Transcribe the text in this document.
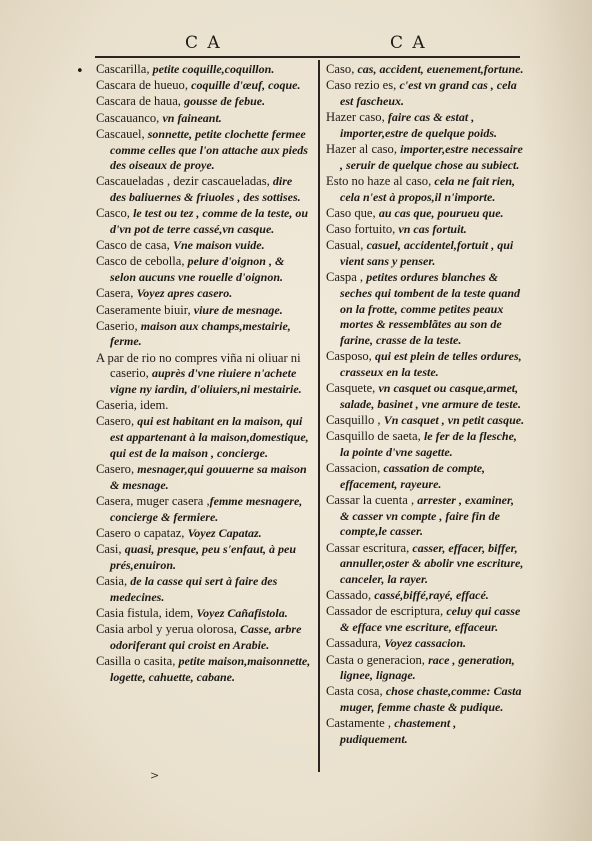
C A	C A
• Cascarilla, petite coquille,coquillon.
Cascara de hueuo, coquille d'œuf, coque.
Cascara de haua, gousse de febue.
Cascauanco, vn faineant.
Cascauel, sonnette, petite clochette fermee comme celles que l'on attache aux pieds des oiseaux de proye.
Cascaueladas , dezir cascaueladas, dire des baliuernes & friuoles , des sottises.
Casco, le test ou tez , comme de la teste, ou d'vn pot de terre cassé,vn casque.
Casco de casa, Vne maison vuide.
Casco de cebolla, pelure d'oignon , & selon aucuns vne rouelle d'oignon.
Casera, Voyez apres casero.
Caseramente biuir, viure de mesnage.
Caserio, maison aux champs,mestairie, ferme.
A par de rio no compres viña ni oliuar ni caserio, auprès d'vne riuiere n'achete vigne ny iardin, d'oliuiers,ni mestairie.
Caseria, idem.
Casero, qui est habitant en la maison, qui est appartenant à la maison,domestique, qui est de la maison , concierge.
Casero, mesnager,qui gouuerne sa maison & mesnage.
Casera, muger casera ,femme mesnagere, concierge & fermiere.
Casero o capataz, Voyez Capataz.
Casi, quasi, presque, peu s'enfaut, à peu prés,enuiron.
Casia, de la casse qui sert à faire des medecines.
Casia fistula, idem, Voyez Cañafistola.
Casia arbol y yerua olorosa, Casse, arbre odoriferant qui croist en Arabie.
Casilla o casita, petite maison,maisonnette, logette, cahuette, cabane.
Caso, cas, accident, euenement,fortune.
Caso rezio es, c'est vn grand cas , cela est fascheux.
Hazer caso, faire cas & estat , importer,estre de quelque poids.
Hazer al caso, importer,estre necessaire , seruir de quelque chose au subiect.
Esto no haze al caso, cela ne fait rien, cela n'est à propos,il n'importe.
Caso que, au cas que, pourueu que.
Caso fortuito, vn cas fortuit.
Casual, casuel, accidentel,fortuit , qui vient sans y penser.
Caspa , petites ordures blanches & seches qui tombent de la teste quand on la frotte, comme petites peaux mortes & ressemblãtes au son de farine, crasse de la teste.
Casposo, qui est plein de telles ordures, crasseux en la teste.
Casquete, vn casquet ou casque,armet, salade, basinet , vne armure de teste.
Casquillo , Vn casquet , vn petit casque.
Casquillo de saeta, le fer de la flesche, la pointe d'vne sagette.
Cassacion, cassation de compte, effacement, rayeure.
Cassar la cuenta , arrester , examiner, & casser vn compte , faire fin de compte,le casser.
Cassar escritura, casser, effacer, biffer, annuller,oster & abolir vne escriture, canceler, la rayer.
Cassado, cassé,biffé,rayé, effacé.
Cassador de escriptura, celuy qui casse & efface vne escriture, effaceur.
Cassadura, Voyez cassacion.
Casta o generacion, race , generation, lignee, lignage.
Casta cosa, chose chaste,comme: Casta muger, femme chaste & pudique.
Castamente , chastement , pudiquement.
>
